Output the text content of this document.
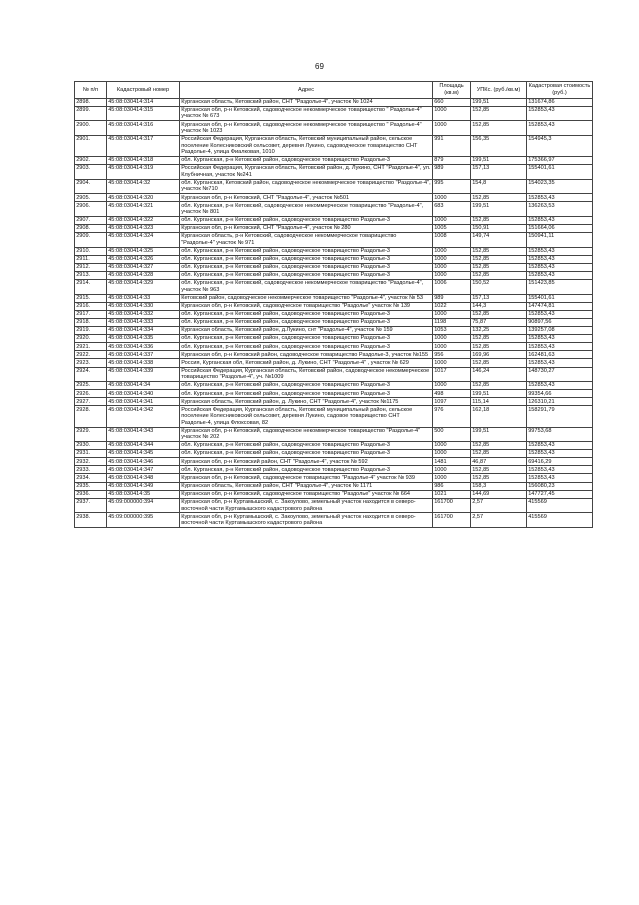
69
№ п/п	Кадастровый номер	Адрес	Площадь (кв.м)	УПКс. (руб./кв.м)	Кадастровая стоимость (руб.)
2898.	45:08:030414:314	Курганская область, Кетовский район, СНТ "Раздолье-4", участок № 1024	660	199,51	131674,86
2899.	45:08:030414:315	Курганская обл, р-н Кетовский, садоводческое некоммерческое товарищество " Раздолье-4" участок № 673	1000	152,85	152853,43
2900.	45:08:030414:316	Курганская обл, р-н Кетовский, садоводческое некоммерческое товарищество " Раздолье-4" участок № 1023	1000	152,85	152853,43
2901.	45:08:030414:317	Российская Федерация, Курганская область, Кетовский муниципальный район, сельское поселение Колесниковский сельсовет, деревня Лукино, садоводческое товарищество СНТ Раздолье-4, улица Фиалковая, 1010	991	156,35	154945,3
2902.	45:08:030414:318	обл. Курганская, р-н Кетовский район, садоводческое товарищество Раздолье-3	879	199,51	175366,97
2903.	45:08:030414:319	Российская Федерация, Курганская область, Кетовский район, д. Лукино, СНТ "Раздолье-4", ул. Клубничная, участок №241	989	157,13	155401,61
2904.	45:08:030414:32	обл. Курганская, Кетовский район, садоводческое некоммерческое товарищество "Раздолье-4", участок №710	995	154,8	154023,35
2905.	45:08:030414:320	Курганская обл, р-н Кетовский, СНТ "Раздолье-4", участок №501	1000	152,85	152853,43
2906.	45:08:030414:321	обл. Курганская, р-н Кетовский, садоводческое некоммерческое товарищество "Раздолье-4", участок № 801	683	199,51	136263,53
2907.	45:08:030414:322	обл. Курганская, р-н Кетовский район, садоводческое товарищество Раздолье-3	1000	152,85	152853,43
2908.	45:08:030414:323	Курганская обл, р-н Кетовский, СНТ "Раздолье-4", участок № 280	1005	150,91	151664,06
2909.	45:08:030414:324	Курганская область, р-н Кетовский, садоводческое некоммерческое товарищество "Раздолье-4" участок № 971	1008	149,74	150941,11
2910.	45:08:030414:325	обл. Курганская, р-н Кетовский район, садоводческое товарищество Раздолье-3	1000	152,85	152853,43
2911.	45:08:030414:326	обл. Курганская, р-н Кетовский район, садоводческое товарищество Раздолье-3	1000	152,85	152853,43
2912.	45:08:030414:327	обл. Курганская, р-н Кетовский район, садоводческое товарищество Раздолье-3	1000	152,85	152853,43
2913.	45:08:030414:328	обл. Курганская, р-н Кетовский район, садоводческое товарищество Раздолье-3	1000	152,85	152853,43
2914.	45:08:030414:329	обл. Курганская, р-н Кетовский, садоводческое некоммерческое товарищество "Раздолье-4", участок № 963	1006	150,52	151423,85
2915.	45:08:030414:33	Кетовский район, садоводческое некоммерческое товарищество "Раздолье-4", участок № 53	989	157,13	155401,61
2916.	45:08:030414:330	Курганская обл, р-н Кетовский, садоводческое товарищество "Раздолье" участок № 139	1022	144,3	147474,81
2917.	45:08:030414:332	обл. Курганская, р-н Кетовский район, садоводческое товарищество Раздолье-3	1000	152,85	152853,43
2918.	45:08:030414:333	обл. Курганская, р-н Кетовский район, садоводческое товарищество Раздолье-3	1198	75,87	90897,56
2919.	45:08:030414:334	Курганская область, Кетовский район, д.Лукино, снт "Раздолье-4", участок № 159	1053	132,25	139257,08
2920.	45:08:030414:335	обл. Курганская, р-н Кетовский район, садоводческое товарищество Раздолье-3	1000	152,85	152853,43
2921.	45:08:030414:336	обл. Курганская, р-н Кетовский район, садоводческое товарищество Раздолье-3	1000	152,85	152853,43
2922.	45:08:030414:337	Курганская обл, р-н Кетовский район, садоводческое товарищество Раздолье-3, участок №155	956	169,96	162481,63
2923.	45:08:030414:338	Россия, Курганская обл, Кетовский район, д. Лукино, СНТ "Раздолье-4" , участок № 629	1000	152,85	152853,43
2924.	45:08:030414:339	Российская Федерация, Курганская область, Кетовский район, садоводческое некоммерческое товарищество "Раздолье-4", уч. №1009	1017	146,24	148730,27
2925.	45:08:030414:34	обл. Курганская, р-н Кетовский район, садоводческое товарищество Раздолье-3	1000	152,85	152853,43
2926.	45:08:030414:340	обл. Курганская, р-н Кетовский район, садоводческое товарищество Раздолье-3	498	199,51	99354,66
2927.	45:08:030414:341	Курганская область, Кетовский район, д. Лукино, СНТ "Раздолье-4", участок №1175	1097	115,14	126310,21
2928.	45:08:030414:342	Российская Федерация, Курганская область, Кетовский муниципальный район, сельское поселение Колесниковский сельсовет, деревня Лукино, садовое товарищество СНТ Раздолье-4, улица Флоксовая, 82	976	162,18	158291,79
2929.	45:08:030414:343	Курганская обл, р-н Кетовский, садоводческое некоммерческое товарищество "Раздолье-4" участок № 202	500	199,51	99753,68
2930.	45:08:030414:344	обл. Курганская, р-н Кетовский район, садоводческое товарищество Раздолье-3	1000	152,85	152853,43
2931.	45:08:030414:345	обл. Курганская, р-н Кетовский район, садоводческое товарищество Раздолье-3	1000	152,85	152853,43
2932.	45:08:030414:346	Курганская обл, р-н Кетовский район, СНТ "Раздолье-4", участок № 592	1481	46,87	69416,29
2933.	45:08:030414:347	обл. Курганская, р-н Кетовский район, садоводческое товарищество Раздолье-3	1000	152,85	152853,43
2934.	45:08:030414:348	Курганская обл, р-н Кетовский, садоводческое товарищество "Раздолье-4" участок № 939	1000	152,85	152853,43
2935.	45:08:030414:349	Курганская область, Кетовский район, СНТ "Раздолье-4", участок № 1171	986	158,3	156080,23
2936.	45:08:030414:35	Курганская обл, р-н Кетовский, садоводческое товарищество "Раздолье" участок № 664	1021	144,69	147727,45
2937.	45:09:000000:394	Курганская обл, р-н Куртамышский, с. Закоулово, земельный участок находится в северо-восточной части Куртамышского кадастрового района	161700	2,57	415569
2938.	45:09:000000:395	Курганская обл, р-н Куртамышский, с. Закоулово, земельный участок находится в северо-восточной части Куртамышского кадастрового района	161700	2,57	415569
